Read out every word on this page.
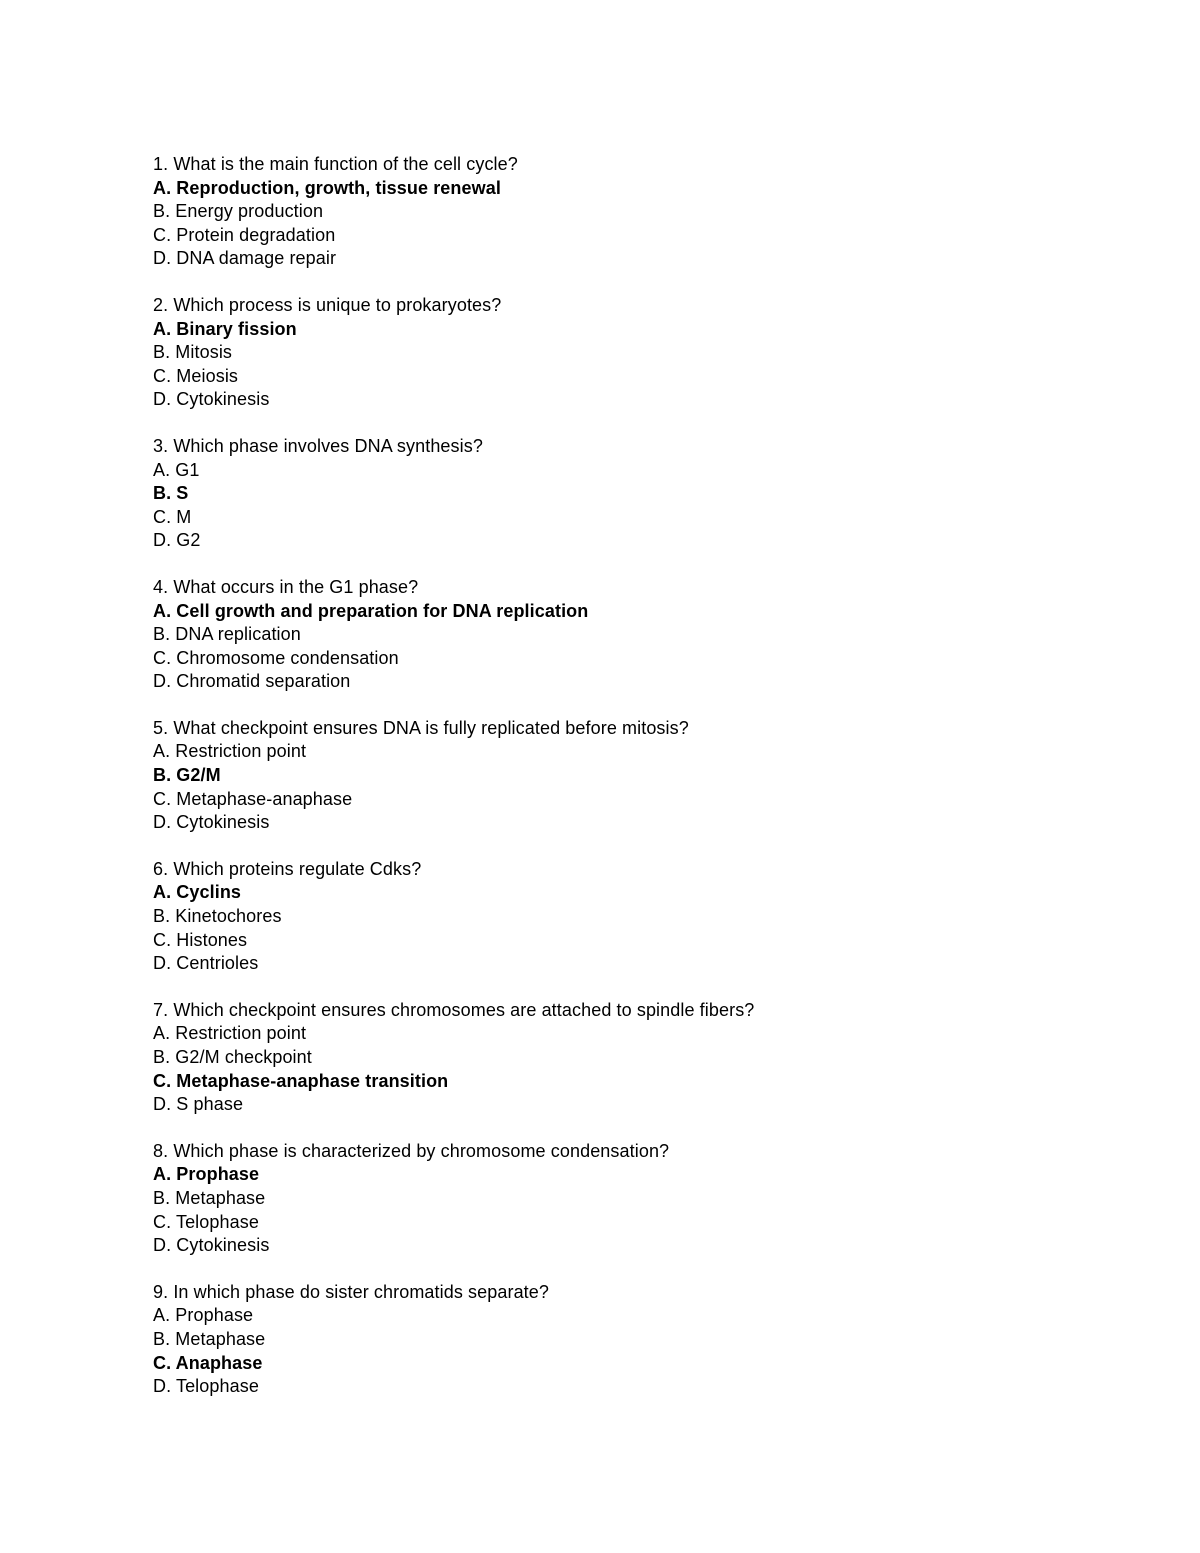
1. What is the main function of the cell cycle?
A. Reproduction, growth, tissue renewal
B. Energy production
C. Protein degradation
D. DNA damage repair
2. Which process is unique to prokaryotes?
A. Binary fission
B. Mitosis
C. Meiosis
D. Cytokinesis
3. Which phase involves DNA synthesis?
A. G1
B. S
C. M
D. G2
4. What occurs in the G1 phase?
A. Cell growth and preparation for DNA replication
B. DNA replication
C. Chromosome condensation
D. Chromatid separation
5. What checkpoint ensures DNA is fully replicated before mitosis?
A. Restriction point
B. G2/M
C. Metaphase-anaphase
D. Cytokinesis
6. Which proteins regulate Cdks?
A. Cyclins
B. Kinetochores
C. Histones
D. Centrioles
7. Which checkpoint ensures chromosomes are attached to spindle fibers?
A. Restriction point
B. G2/M checkpoint
C. Metaphase-anaphase transition
D. S phase
8. Which phase is characterized by chromosome condensation?
A. Prophase
B. Metaphase
C. Telophase
D. Cytokinesis
9. In which phase do sister chromatids separate?
A. Prophase
B. Metaphase
C. Anaphase
D. Telophase
